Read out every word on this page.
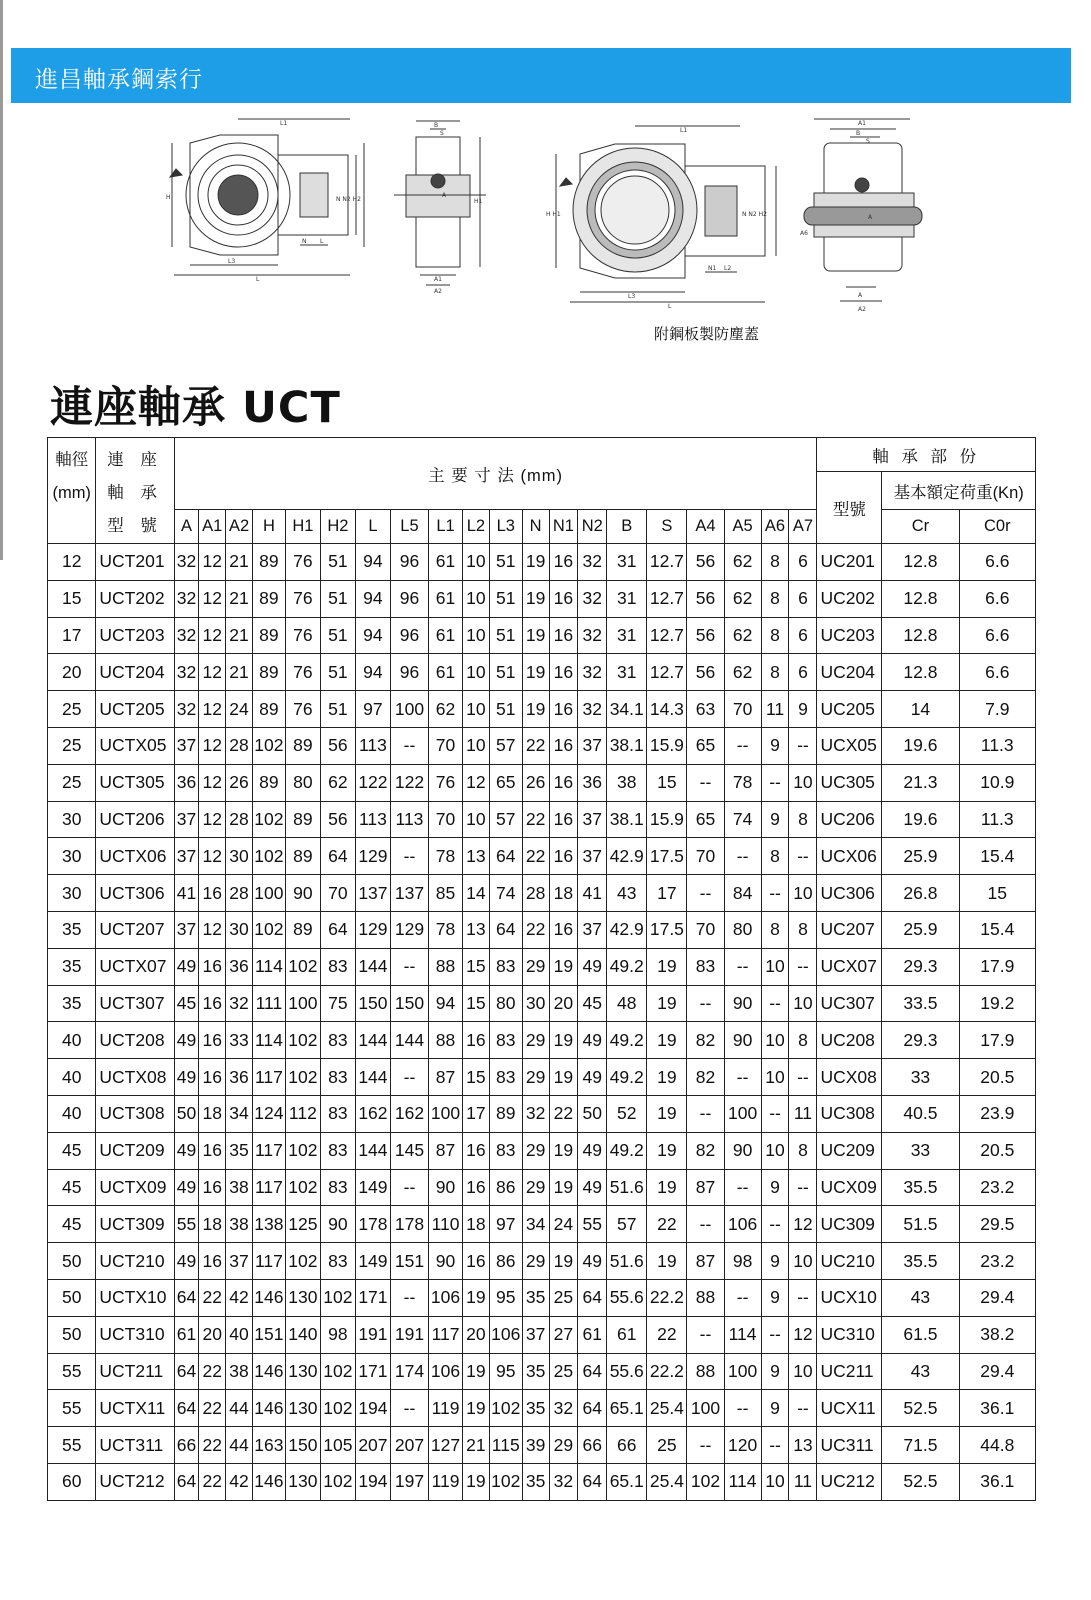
進昌軸承鋼索行
L1
H
L
L3
N L
N N2 H2
B
S
A
A1
A2
H1
L1
H H1
L
L3
N1 L2
N N2 H2
A1
B
S
A
A6
A
A2
附鋼板製防塵蓋
連座軸承 UCT
軸徑
(mm)	連 座
軸 承
型 號	主 要 寸 法 (mm)																				軸 承 部 份		
																						型號	基本額定荷重(Kn)	
		A	A1	A2	H	H1	H2	L	L5	L1	L2	L3	N	N1	N2	B	S	A4	A5	A6	A7		Cr	C0r
12	UCT201	32	12	21	89	76	51	94	96	61	10	51	19	16	32	31	12.7	56	62	8	6	UC201	12.8	6.6
15	UCT202	32	12	21	89	76	51	94	96	61	10	51	19	16	32	31	12.7	56	62	8	6	UC202	12.8	6.6
17	UCT203	32	12	21	89	76	51	94	96	61	10	51	19	16	32	31	12.7	56	62	8	6	UC203	12.8	6.6
20	UCT204	32	12	21	89	76	51	94	96	61	10	51	19	16	32	31	12.7	56	62	8	6	UC204	12.8	6.6
25	UCT205	32	12	24	89	76	51	97	100	62	10	51	19	16	32	34.1	14.3	63	70	11	9	UC205	14	7.9
25	UCTX05	37	12	28	102	89	56	113	--	70	10	57	22	16	37	38.1	15.9	65	--	9	--	UCX05	19.6	11.3
25	UCT305	36	12	26	89	80	62	122	122	76	12	65	26	16	36	38	15	--	78	--	10	UC305	21.3	10.9
30	UCT206	37	12	28	102	89	56	113	113	70	10	57	22	16	37	38.1	15.9	65	74	9	8	UC206	19.6	11.3
30	UCTX06	37	12	30	102	89	64	129	--	78	13	64	22	16	37	42.9	17.5	70	--	8	--	UCX06	25.9	15.4
30	UCT306	41	16	28	100	90	70	137	137	85	14	74	28	18	41	43	17	--	84	--	10	UC306	26.8	15
35	UCT207	37	12	30	102	89	64	129	129	78	13	64	22	16	37	42.9	17.5	70	80	8	8	UC207	25.9	15.4
35	UCTX07	49	16	36	114	102	83	144	--	88	15	83	29	19	49	49.2	19	83	--	10	--	UCX07	29.3	17.9
35	UCT307	45	16	32	111	100	75	150	150	94	15	80	30	20	45	48	19	--	90	--	10	UC307	33.5	19.2
40	UCT208	49	16	33	114	102	83	144	144	88	16	83	29	19	49	49.2	19	82	90	10	8	UC208	29.3	17.9
40	UCTX08	49	16	36	117	102	83	144	--	87	15	83	29	19	49	49.2	19	82	--	10	--	UCX08	33	20.5
40	UCT308	50	18	34	124	112	83	162	162	100	17	89	32	22	50	52	19	--	100	--	11	UC308	40.5	23.9
45	UCT209	49	16	35	117	102	83	144	145	87	16	83	29	19	49	49.2	19	82	90	10	8	UC209	33	20.5
45	UCTX09	49	16	38	117	102	83	149	--	90	16	86	29	19	49	51.6	19	87	--	9	--	UCX09	35.5	23.2
45	UCT309	55	18	38	138	125	90	178	178	110	18	97	34	24	55	57	22	--	106	--	12	UC309	51.5	29.5
50	UCT210	49	16	37	117	102	83	149	151	90	16	86	29	19	49	51.6	19	87	98	9	10	UC210	35.5	23.2
50	UCTX10	64	22	42	146	130	102	171	--	106	19	95	35	25	64	55.6	22.2	88	--	9	--	UCX10	43	29.4
50	UCT310	61	20	40	151	140	98	191	191	117	20	106	37	27	61	61	22	--	114	--	12	UC310	61.5	38.2
55	UCT211	64	22	38	146	130	102	171	174	106	19	95	35	25	64	55.6	22.2	88	100	9	10	UC211	43	29.4
55	UCTX11	64	22	44	146	130	102	194	--	119	19	102	35	32	64	65.1	25.4	100	--	9	--	UCX11	52.5	36.1
55	UCT311	66	22	44	163	150	105	207	207	127	21	115	39	29	66	66	25	--	120	--	13	UC311	71.5	44.8
60	UCT212	64	22	42	146	130	102	194	197	119	19	102	35	32	64	65.1	25.4	102	114	10	11	UC212	52.5	36.1
